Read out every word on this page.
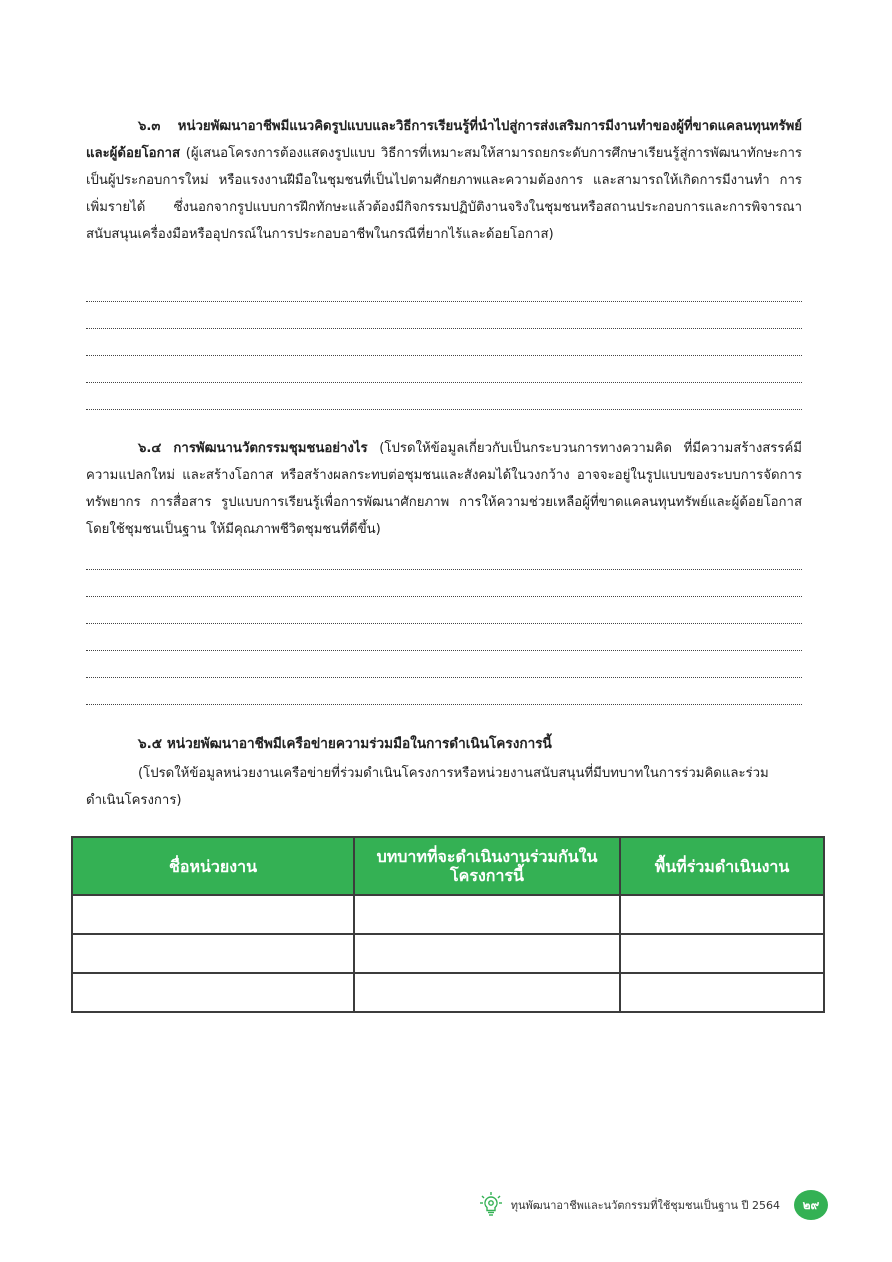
๖.๓ หน่วยพัฒนาอาชีพมีแนวคิดรูปแบบและวิธีการเรียนรู้ที่นำไปสู่การส่งเสริมการมีงานทำของผู้ที่ขาดแคลนทุนทรัพย์และผู้ด้อยโอกาส (ผู้เสนอโครงการต้องแสดงรูปแบบ วิธีการที่เหมาะสมให้สามารถยกระดับการศึกษาเรียนรู้สู่การพัฒนาทักษะการเป็นผู้ประกอบการใหม่ หรือแรงงานฝีมือในชุมชนที่เป็นไปตามศักยภาพและความต้องการ และสามารถให้เกิดการมีงานทำ การเพิ่มรายได้ ซึ่งนอกจากรูปแบบการฝึกทักษะแล้วต้องมีกิจกรรมปฏิบัติงานจริงในชุมชนหรือสถานประกอบการและการพิจารณาสนับสนุนเครื่องมือหรืออุปกรณ์ในการประกอบอาชีพในกรณีที่ยากไร้และด้อยโอกาส)

๖.๔ การพัฒนานวัตกรรมชุมชนอย่างไร (โปรดให้ข้อมูลเกี่ยวกับเป็นกระบวนการทางความคิด ที่มีความสร้างสรรค์มีความแปลกใหม่ และสร้างโอกาส หรือสร้างผลกระทบต่อชุมชนและสังคมได้ในวงกว้าง อาจจะอยู่ในรูปแบบของระบบการจัดการ ทรัพยากร การสื่อสาร รูปแบบการเรียนรู้เพื่อการพัฒนาศักยภาพ การให้ความช่วยเหลือผู้ที่ขาดแคลนทุนทรัพย์และผู้ด้อยโอกาสโดยใช้ชุมชนเป็นฐาน ให้มีคุณภาพชีวิตชุมชนที่ดีขึ้น)

๖.๕ หน่วยพัฒนาอาชีพมีเครือข่ายความร่วมมือในการดำเนินโครงการนี้

(โปรดให้ข้อมูลหน่วยงานเครือข่ายที่ร่วมดำเนินโครงการหรือหน่วยงานสนับสนุนที่มีบทบาทในการร่วมคิดและร่วมดำเนินโครงการ)

ชื่อหน่วยงาน	บทบาทที่จะดำเนินงานร่วมกันในโครงการนี้	พื้นที่ร่วมดำเนินงาน

ทุนพัฒนาอาชีพและนวัตกรรมที่ใช้ชุมชนเป็นฐาน ปี 2564	๒๙
